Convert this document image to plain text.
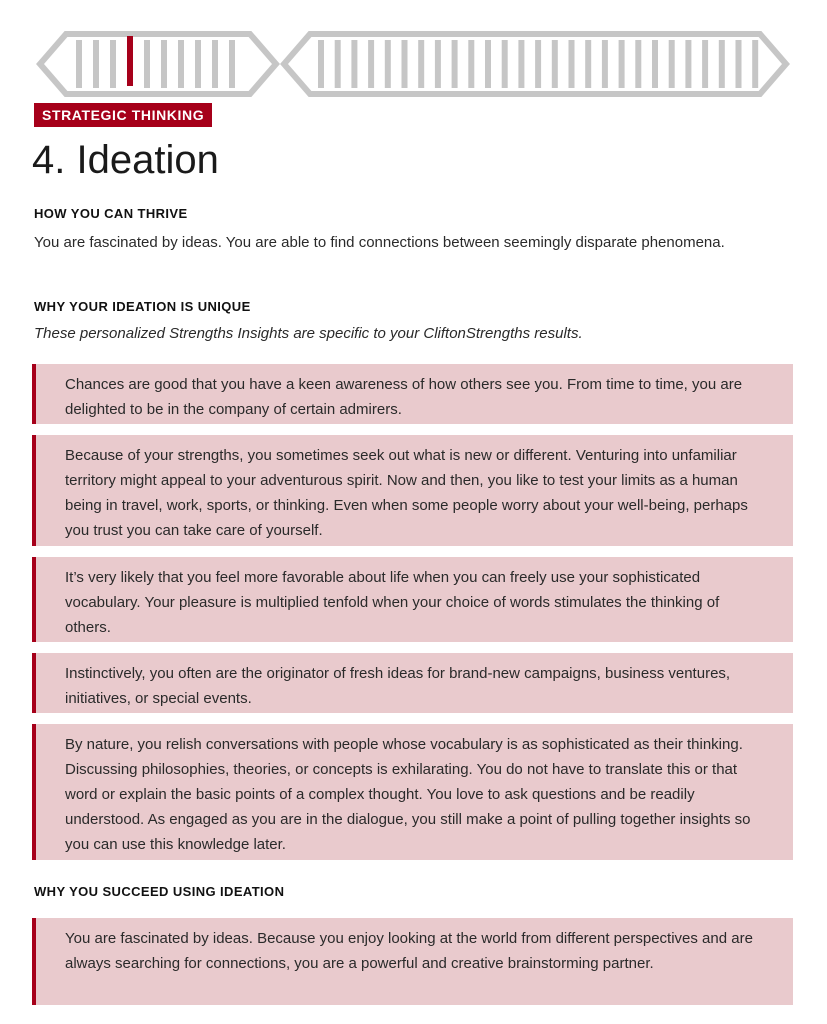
STRATEGIC THINKING
4. Ideation
HOW YOU CAN THRIVE

You are fascinated by ideas. You are able to find connections between seemingly disparate phenomena.

WHY YOUR IDEATION IS UNIQUE

These personalized Strengths Insights are specific to your CliftonStrengths results.

Chances are good that you have a keen awareness of how others see you. From time to time, you are delighted to be in the company of certain admirers.

Because of your strengths, you sometimes seek out what is new or different. Venturing into unfamiliar territory might appeal to your adventurous spirit. Now and then, you like to test your limits as a human being in travel, work, sports, or thinking. Even when some people worry about your well-being, perhaps you trust you can take care of yourself.

It’s very likely that you feel more favorable about life when you can freely use your sophisticated vocabulary. Your pleasure is multiplied tenfold when your choice of words stimulates the thinking of others.

Instinctively, you often are the originator of fresh ideas for brand-new campaigns, business ventures, initiatives, or special events.

By nature, you relish conversations with people whose vocabulary is as sophisticated as their thinking. Discussing philosophies, theories, or concepts is exhilarating. You do not have to translate this or that word or explain the basic points of a complex thought. You love to ask questions and be readily understood. As engaged as you are in the dialogue, you still make a point of pulling together insights so you can use this knowledge later.

WHY YOU SUCCEED USING IDEATION

You are fascinated by ideas. Because you enjoy looking at the world from different perspectives and are always searching for connections, you are a powerful and creative brainstorming partner.
